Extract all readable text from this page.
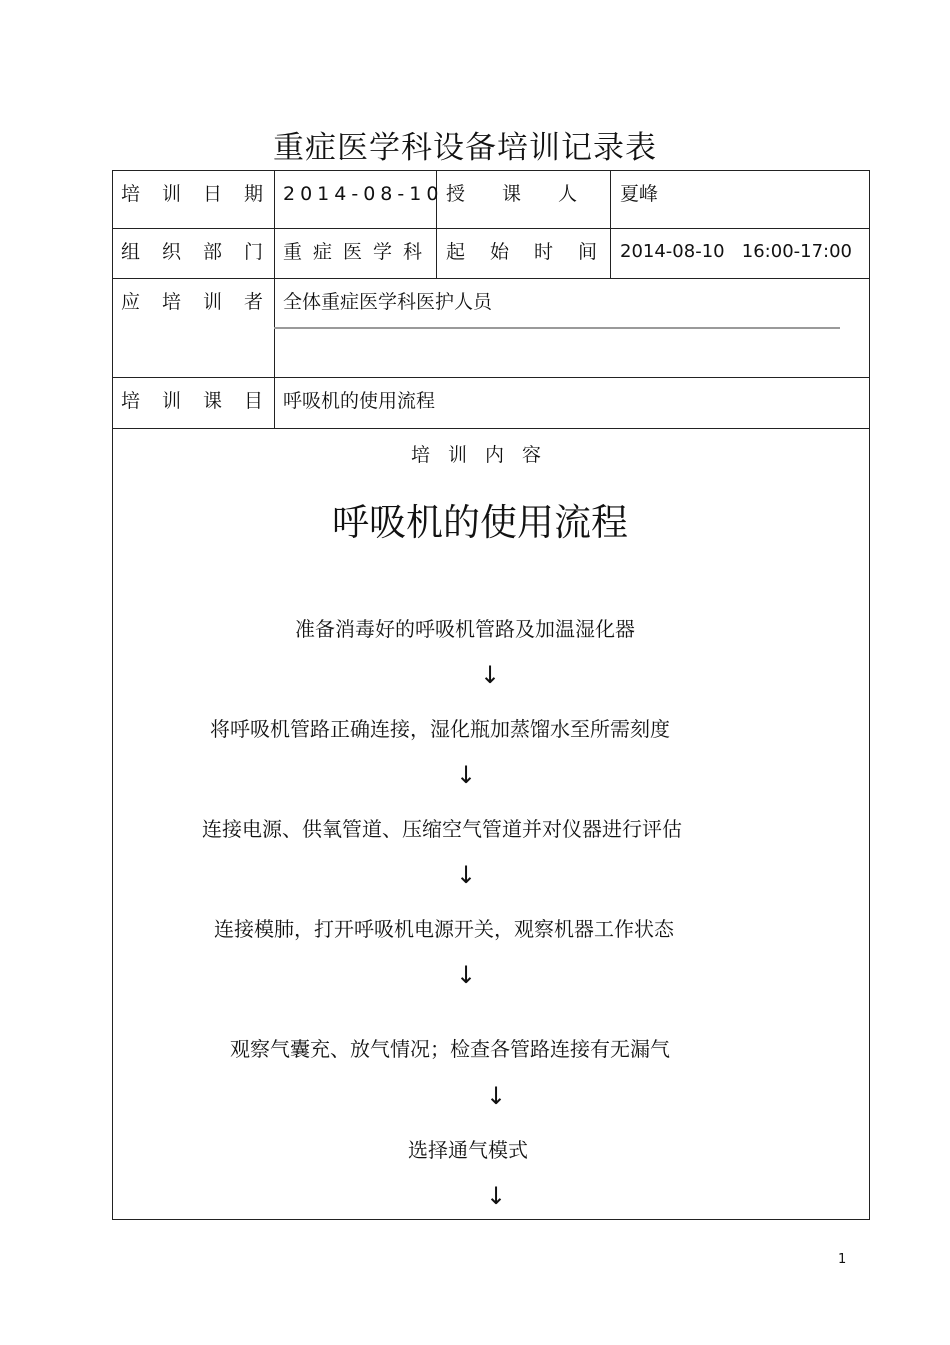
重症医学科设备培训记录表
培 训 日 期 2014-08-10 授课人 夏峰
组织部门
重症医学科 起始时间
2014-08-10   16:00-17:00
应培训者
全体重症医学科医护人员
培训课目
呼吸机的使用流程
培训内容
呼吸机的使用流程
准备消毒好的呼吸机管路及加温湿化器
↓
将呼吸机管路正确连接，湿化瓶加蒸馏水至所需刻度
↓
连接电源、供氧管道、压缩空气管道并对仪器进行评估
↓
连接模肺，打开呼吸机电源开关，观察机器工作状态
↓
观察气囊充、放气情况；检查各管路连接有无漏气
↓
选择通气模式
↓
1
